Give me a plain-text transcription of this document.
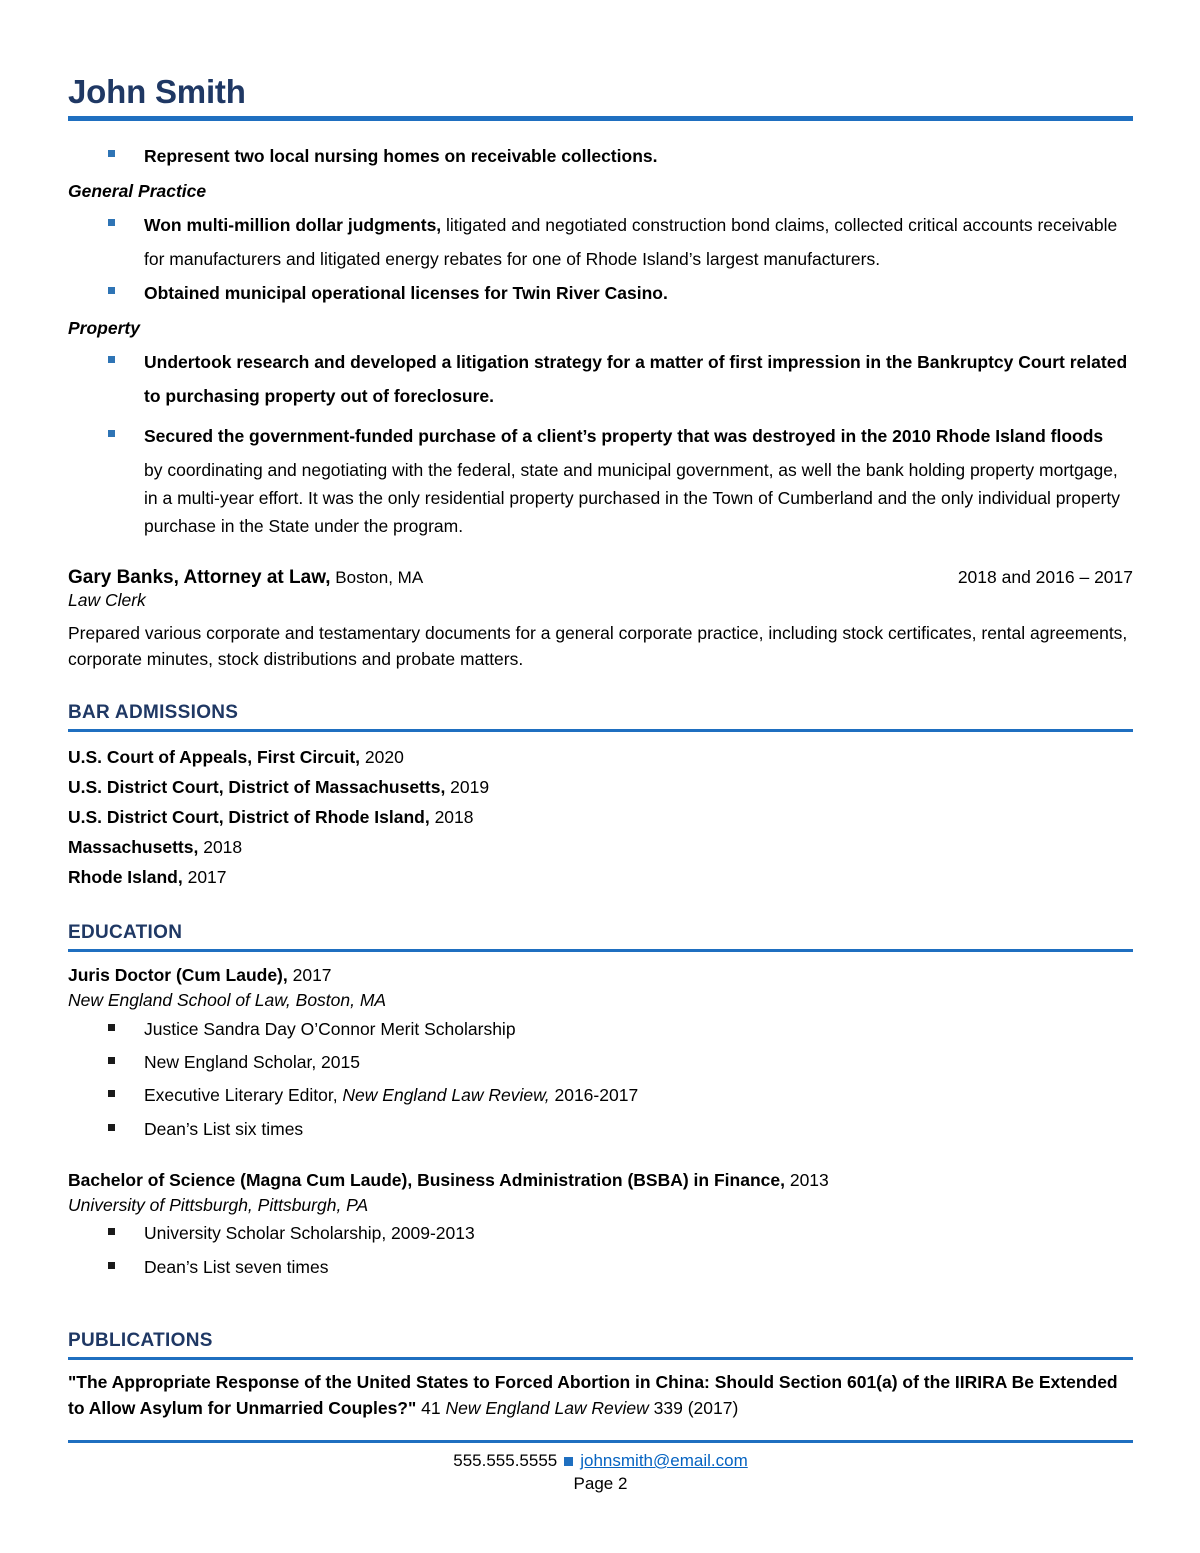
John Smith
Represent two local nursing homes on receivable collections.
General Practice
Won multi-million dollar judgments, litigated and negotiated construction bond claims, collected critical accounts receivable for manufacturers and litigated energy rebates for one of Rhode Island’s largest manufacturers.
Obtained municipal operational licenses for Twin River Casino.
Property
Undertook research and developed a litigation strategy for a matter of first impression in the Bankruptcy Court related to purchasing property out of foreclosure.
Secured the government-funded purchase of a client’s property that was destroyed in the 2010 Rhode Island floods
by coordinating and negotiating with the federal, state and municipal government, as well the bank holding property mortgage, in a multi-year effort. It was the only residential property purchased in the Town of Cumberland and the only individual property purchase in the State under the program.
Gary Banks, Attorney at Law, Boston, MA	2018 and 2016 – 2017
Law Clerk
Prepared various corporate and testamentary documents for a general corporate practice, including stock certificates, rental agreements, corporate minutes, stock distributions and probate matters.
BAR ADMISSIONS
U.S. Court of Appeals, First Circuit, 2020
U.S. District Court, District of Massachusetts, 2019
U.S. District Court, District of Rhode Island, 2018
Massachusetts, 2018
Rhode Island, 2017
EDUCATION
Juris Doctor (Cum Laude), 2017
New England School of Law, Boston, MA
Justice Sandra Day O’Connor Merit Scholarship
New England Scholar, 2015
Executive Literary Editor, New England Law Review, 2016-2017
Dean’s List six times
Bachelor of Science (Magna Cum Laude), Business Administration (BSBA) in Finance, 2013
University of Pittsburgh, Pittsburgh, PA
University Scholar Scholarship, 2009-2013
Dean’s List seven times
PUBLICATIONS
"The Appropriate Response of the United States to Forced Abortion in China: Should Section 601(a) of the IIRIRA Be Extended to Allow Asylum for Unmarried Couples?" 41 New England Law Review 339 (2017)
555.555.5555 johnsmith@email.com
Page 2
